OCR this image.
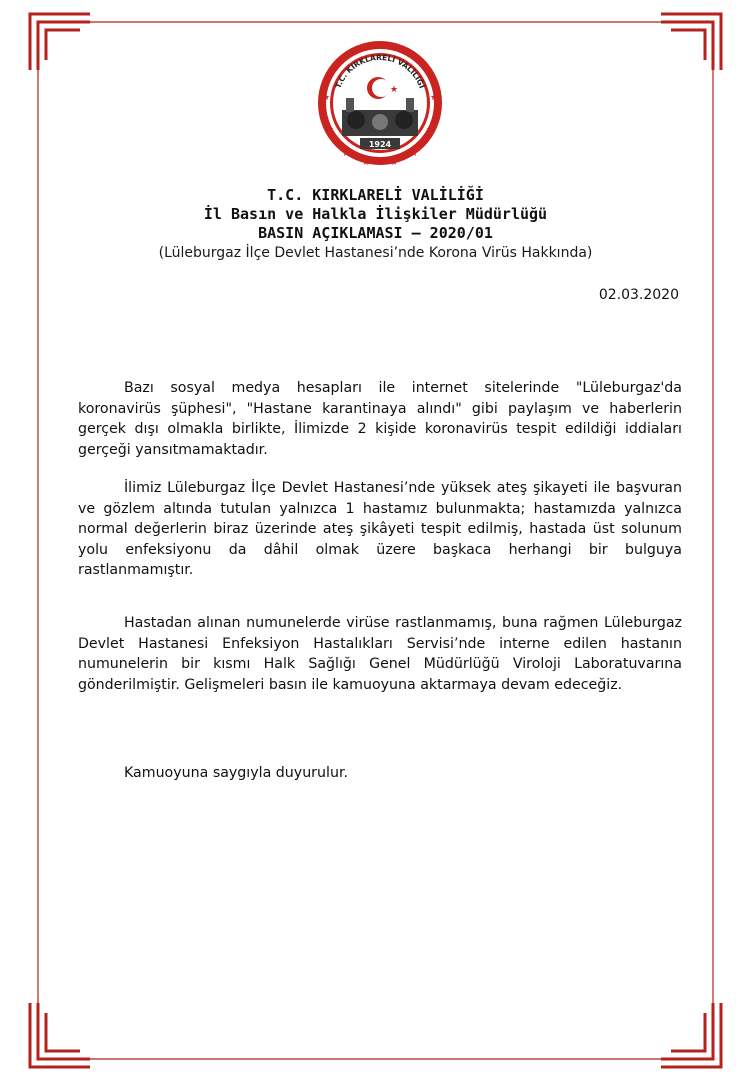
★	★
★	★
★	★
★	★
★ ★
★
T.C. KIRKLARELİ VALİLİĞİ
1924
T.C. KIRKLARELİ VALİLİĞİ
İl Basın ve Halkla İlişkiler Müdürlüğü
BASIN AÇIKLAMASI – 2020/01
(Lüleburgaz İlçe Devlet Hastanesi’nde Korona Virüs Hakkında)
02.03.2020

Bazı sosyal medya hesapları ile internet sitelerinde "Lüleburgaz'da koronavirüs şüphesi", "Hastane karantinaya alındı" gibi paylaşım ve haberlerin gerçek dışı olmakla birlikte, İlimizde 2 kişide koronavirüs tespit edildiği iddiaları gerçeği yansıtmamaktadır.

İlimiz Lüleburgaz İlçe Devlet Hastanesi’nde yüksek ateş şikayeti ile başvuran ve gözlem altında tutulan yalnızca 1 hastamız bulunmakta; hastamızda yalnızca normal değerlerin biraz üzerinde ateş şikâyeti tespit edilmiş, hastada üst solunum yolu enfeksiyonu da dâhil olmak üzere başkaca herhangi bir bulguya rastlanmamıştır.

Hastadan alınan numunelerde virüse rastlanmamış, buna rağmen Lüleburgaz Devlet Hastanesi Enfeksiyon Hastalıkları Servisi’nde interne edilen hastanın numunelerin bir kısmı Halk Sağlığı Genel Müdürlüğü Viroloji Laboratuvarına gönderilmiştir. Gelişmeleri basın ile kamuoyuna aktarmaya devam edeceğiz.

Kamuoyuna saygıyla duyurulur.
